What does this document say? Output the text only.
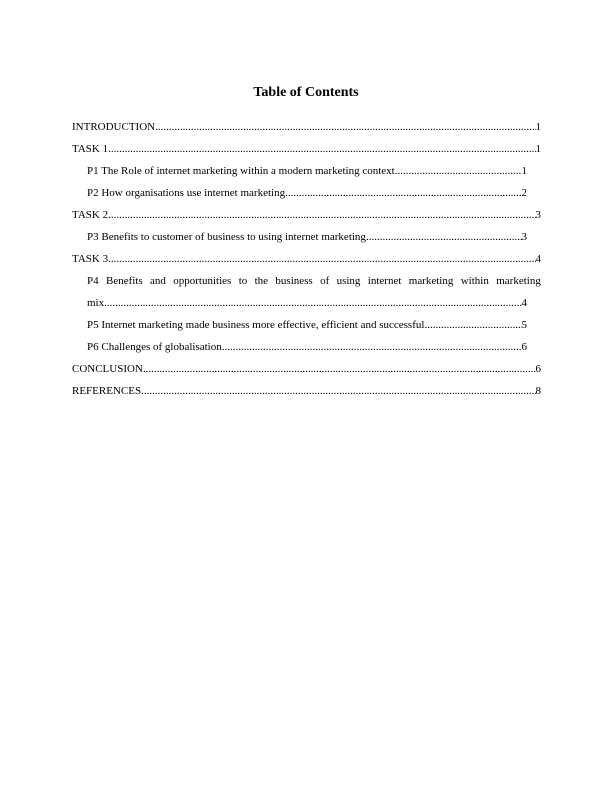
Table of Contents
INTRODUCTION .....	1
TASK 1 .....	1
P1 The Role of internet marketing within a modern marketing context .....	1
P2 How organisations use internet marketing .....	2
TASK 2 .....	3
P3 Benefits to customer of business to using internet marketing .....	3
TASK 3 .....	4
P4 Benefits and opportunities to the business of using internet marketing within marketing
mix .....	4
P5 Internet marketing made business more effective, efficient and successful .....	5
P6 Challenges of globalisation .....	6
CONCLUSION .....	6
REFERENCES .....	8
